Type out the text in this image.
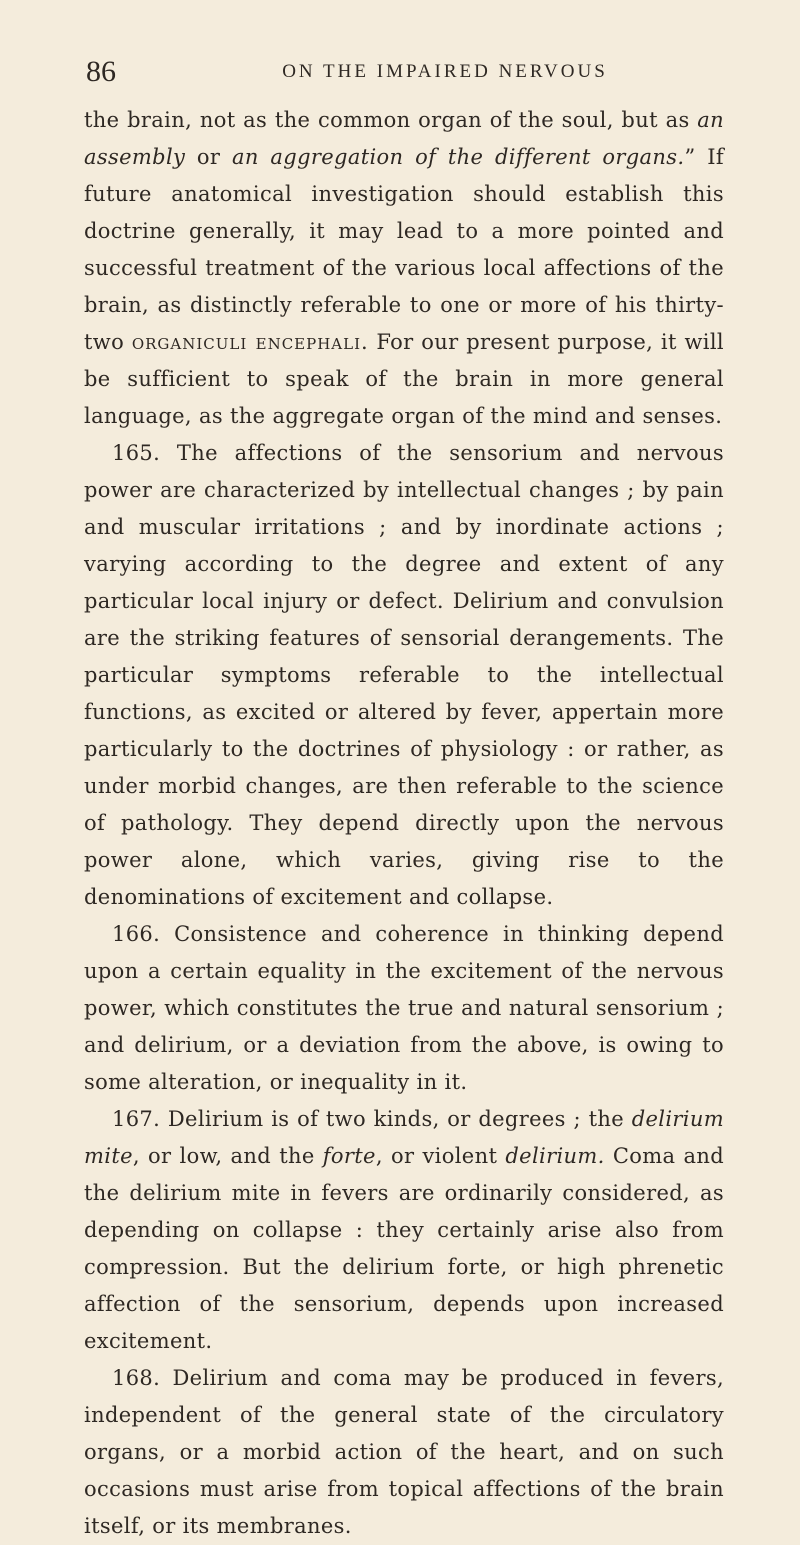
86	ON THE IMPAIRED NERVOUS

the brain, not as the common organ of the soul, but as an assembly or an aggregation of the different organs.” If future anatomical investigation should establish this doctrine generally, it may lead to a more pointed and successful treatment of the various local affections of the brain, as distinctly referable to one or more of his thirty-two organiculi encephali. For our present purpose, it will be sufficient to speak of the brain in more general language, as the aggregate organ of the mind and senses.

165. The affections of the sensorium and nervous power are characterized by intellectual changes ; by pain and muscular irritations ; and by inordinate actions ; varying according to the degree and extent of any particular local injury or defect. Delirium and convulsion are the striking features of sensorial derangements. The particular symptoms referable to the intellectual functions, as excited or altered by fever, appertain more particularly to the doctrines of physiology : or rather, as under morbid changes, are then referable to the science of pathology. They depend directly upon the nervous power alone, which varies, giving rise to the denominations of excitement and collapse.

166. Consistence and coherence in thinking depend upon a certain equality in the excitement of the nervous power, which constitutes the true and natural sensorium ; and delirium, or a deviation from the above, is owing to some alteration, or inequality in it.

167. Delirium is of two kinds, or degrees ; the delirium mite, or low, and the forte, or violent delirium. Coma and the delirium mite in fevers are ordinarily considered, as depending on collapse : they certainly arise also from compression. But the delirium forte, or high phrenetic affection of the sensorium, depends upon increased excitement.

168. Delirium and coma may be produced in fevers, independent of the general state of the circulatory organs, or a morbid action of the heart, and on such occasions must arise from topical affections of the brain itself, or its membranes.
